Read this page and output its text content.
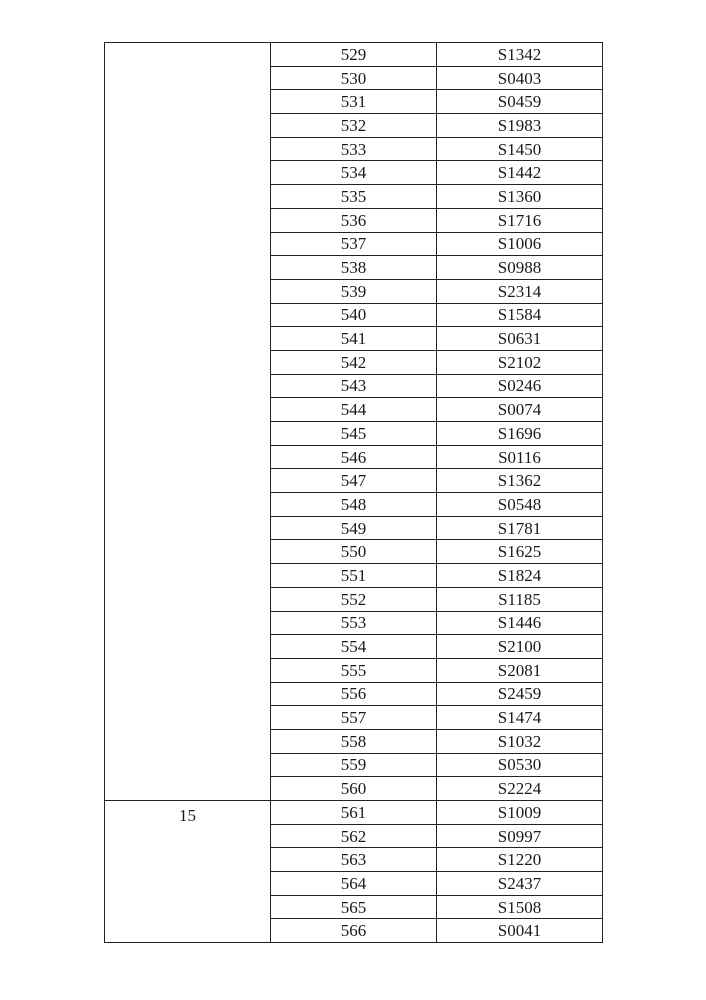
	529	S1342
	530	S0403
	531	S0459
	532	S1983
	533	S1450
	534	S1442
	535	S1360
	536	S1716
	537	S1006
	538	S0988
	539	S2314
	540	S1584
	541	S0631
	542	S2102
	543	S0246
	544	S0074
	545	S1696
	546	S0116
	547	S1362
	548	S0548
	549	S1781
	550	S1625
	551	S1824
	552	S1185
	553	S1446
	554	S2100
	555	S2081
	556	S2459
	557	S1474
	558	S1032
	559	S0530
	560	S2224
15	561	S1009
	562	S0997
	563	S1220
	564	S2437
	565	S1508
	566	S0041
